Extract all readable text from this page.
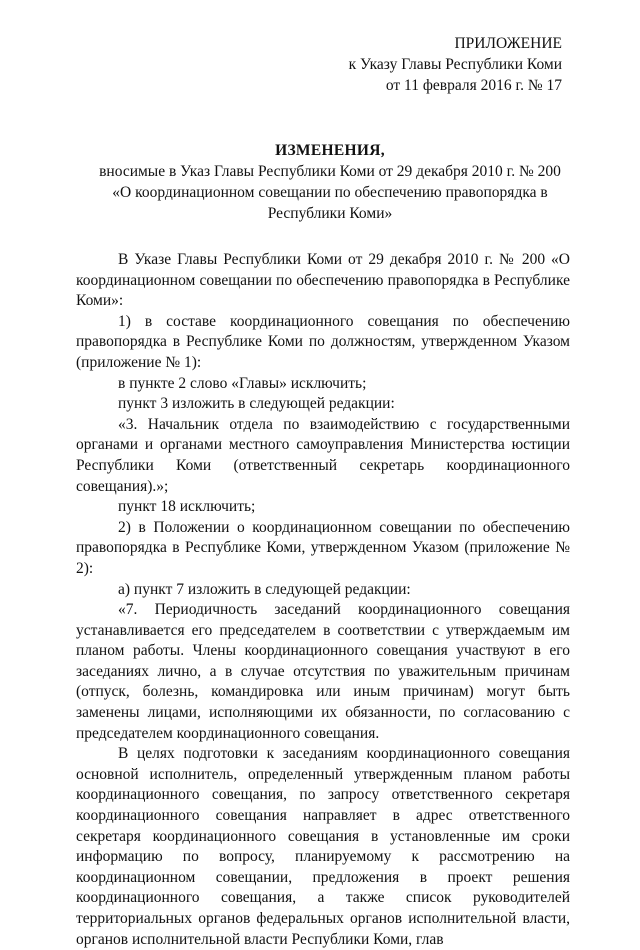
ПРИЛОЖЕНИЕ
к Указу Главы Республики Коми
от 11 февраля 2016 г. № 17
ИЗМЕНЕНИЯ,
вносимые в Указ Главы Республики Коми от 29 декабря 2010 г. № 200
«О координационном совещании по обеспечению правопорядка в
Республики Коми»

В Указе Главы Республики Коми от 29 декабря 2010 г. № 200 «О координационном совещании по обеспечению правопорядка в Республике Коми»:

1) в составе координационного совещания по обеспечению правопорядка в Республике Коми по должностям, утвержденном Указом (приложение № 1):

в пункте 2 слово «Главы» исключить;

пункт 3 изложить в следующей редакции:

«3. Начальник отдела по взаимодействию с государственными органами и органами местного самоуправления Министерства юстиции Республики Коми (ответственный секретарь координационного совещания).»;

пункт 18 исключить;

2) в Положении о координационном совещании по обеспечению правопорядка в Республике Коми, утвержденном Указом (приложение № 2):

а) пункт 7 изложить в следующей редакции:

«7. Периодичность заседаний координационного совещания устанавливается его председателем в соответствии с утверждаемым им планом работы. Члены координационного совещания участвуют в его заседаниях лично, а в случае отсутствия по уважительным причинам (отпуск, болезнь, командировка или иным причинам) могут быть заменены лицами, исполняющими их обязанности, по согласованию с председателем координационного совещания.

В целях подготовки к заседаниям координационного совещания основной исполнитель, определенный утвержденным планом работы координационного совещания, по запросу ответственного секретаря координационного совещания направляет в адрес ответственного секретаря координационного совещания в установленные им сроки информацию по вопросу, планируемому к рассмотрению на координационном совещании, предложения в проект решения координационного совещания, а также список руководителей территориальных органов федеральных органов исполнительной власти, органов исполнительной власти Республики Коми, глав
